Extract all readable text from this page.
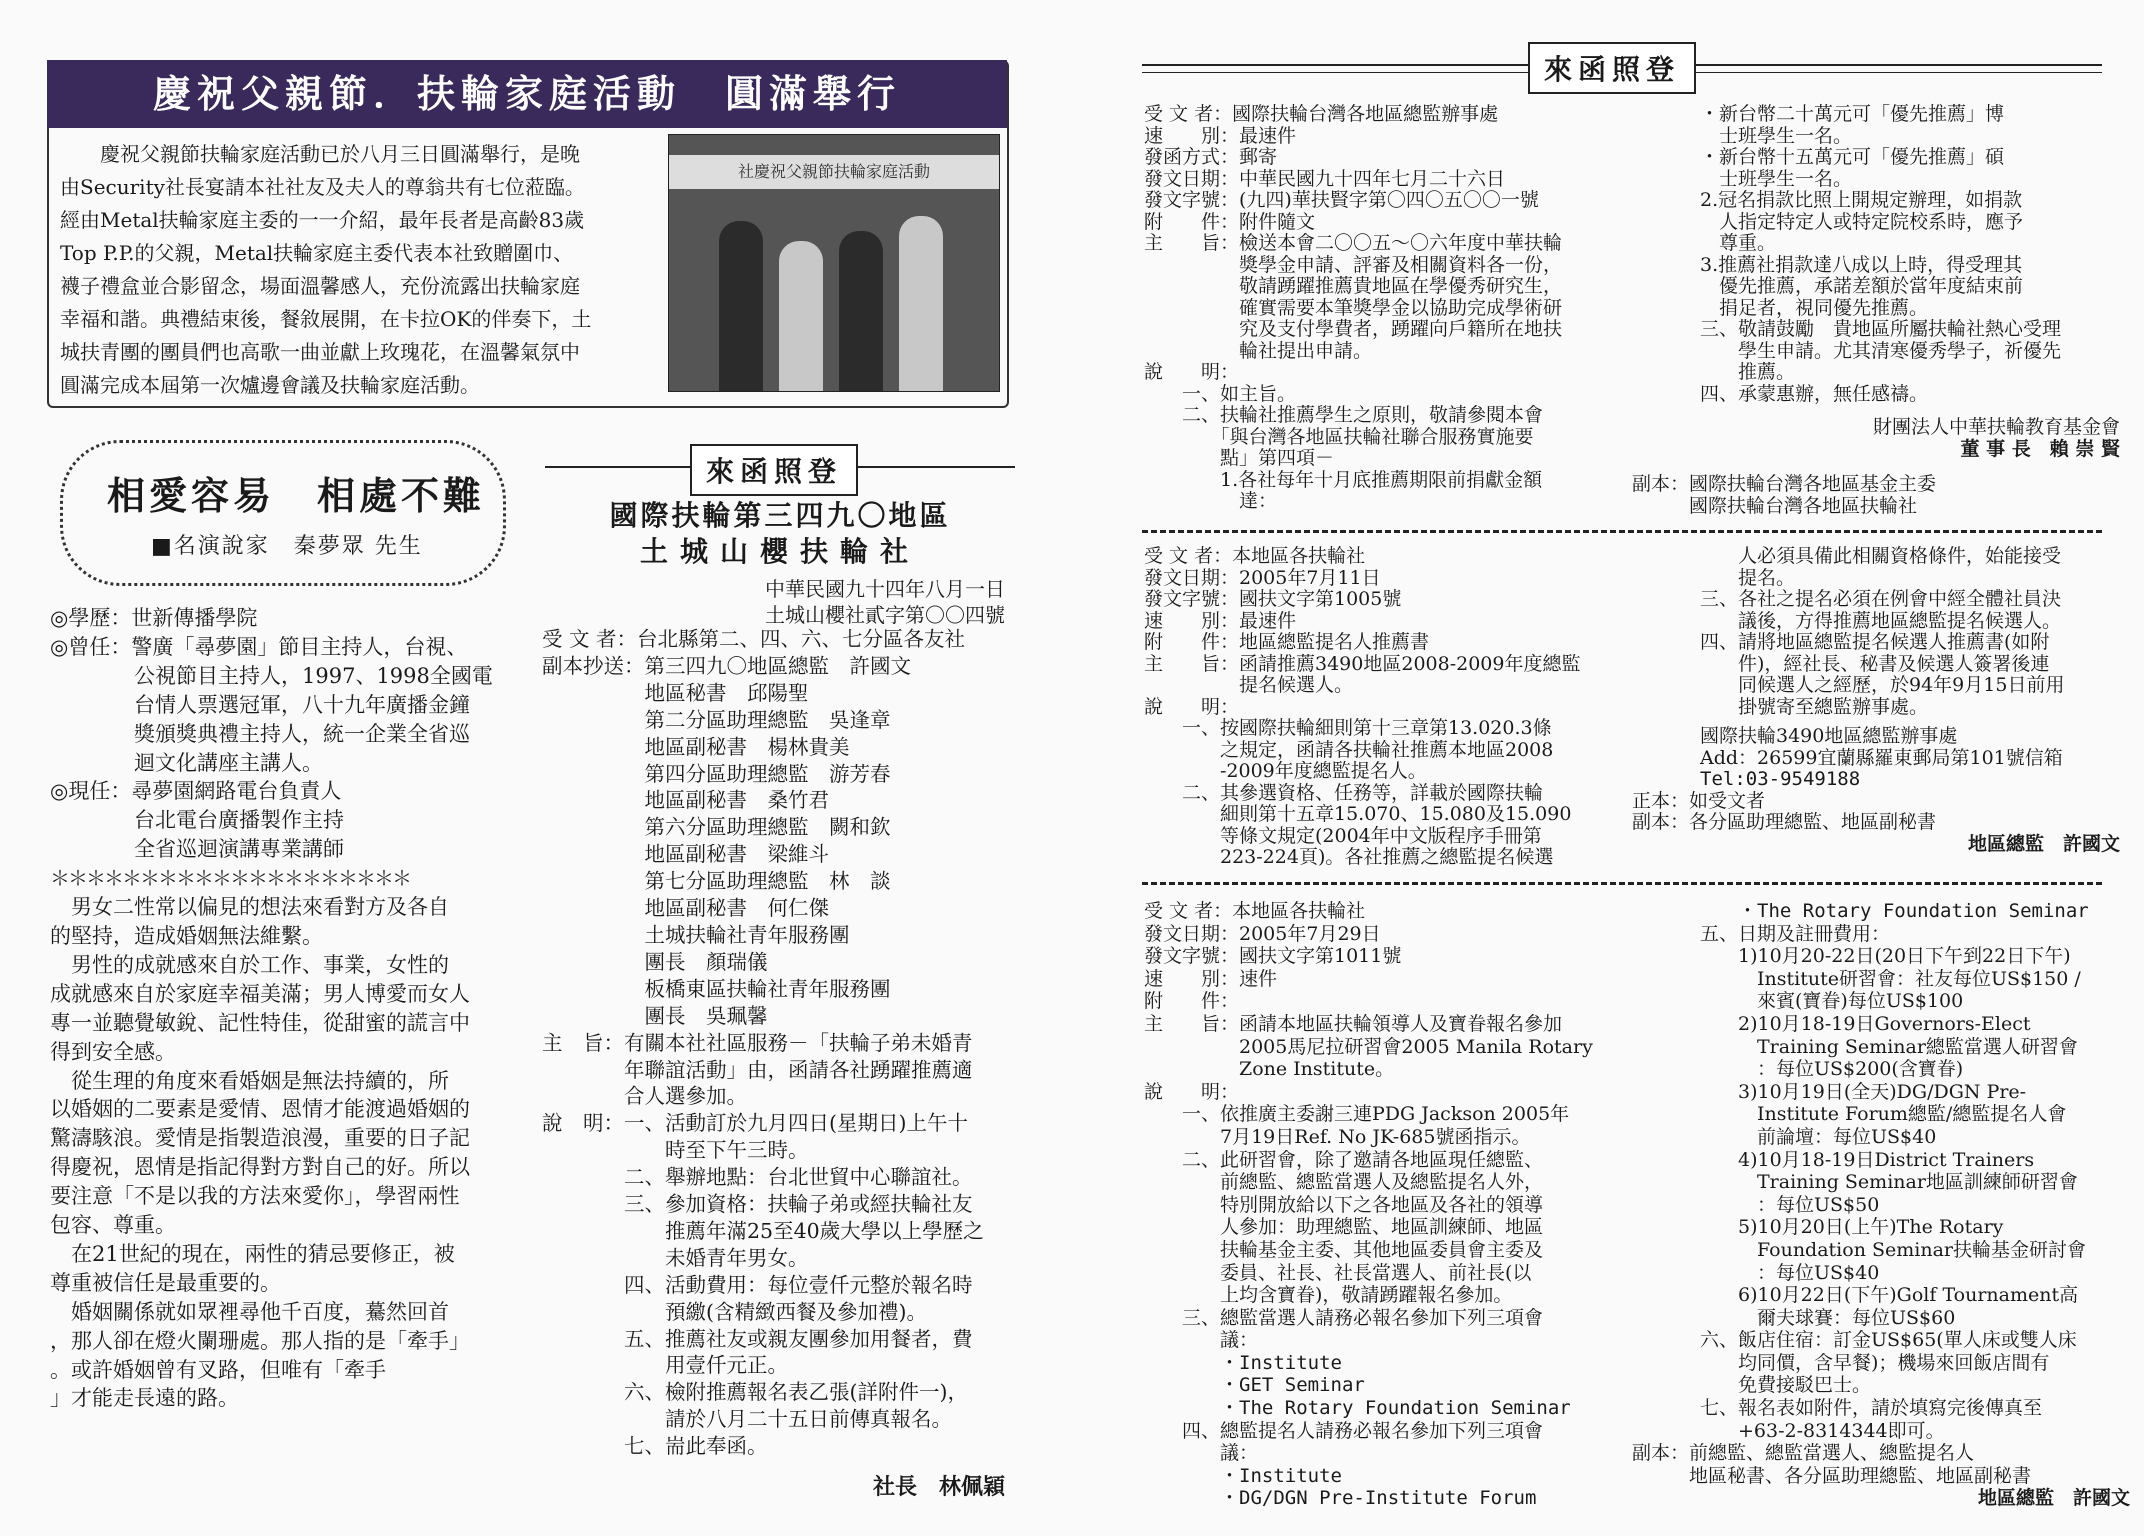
慶祝父親節．扶輪家庭活動　圓滿舉行
慶祝父親節扶輪家庭活動已於八月三日圓滿舉行，是晚
由Security社長宴請本社社友及夫人的尊翁共有七位蒞臨。
經由Metal扶輪家庭主委的一一介紹，最年長者是高齡83歲
Top P.P.的父親，Metal扶輪家庭主委代表本社致贈圍巾、
襪子禮盒並合影留念，場面溫馨感人，充份流露出扶輪家庭
幸福和諧。典禮結束後，餐敘展開，在卡拉OK的伴奏下，土
城扶青團的團員們也高歌一曲並獻上玫瑰花，在溫馨氣氛中
圓滿完成本屆第一次爐邊會議及扶輪家庭活動。
社慶祝父親節扶輪家庭活動
相愛容易　相處不難
■名演說家　秦夢眾 先生
◎學歷：世新傳播學院
◎曾任：警廣「尋夢園」節目主持人，台視、
　　　　公視節目主持人，1997、1998全國電
　　　　台情人票選冠軍，八十九年廣播金鐘
　　　　獎頒獎典禮主持人，統一企業全省巡
　　　　迴文化講座主講人。
◎現任：尋夢園網路電台負責人
　　　　台北電台廣播製作主持
　　　　全省巡迴演講專業講師
＊＊＊＊＊＊＊＊＊＊＊＊＊＊＊＊＊＊＊＊
　男女二性常以偏見的想法來看對方及各自
的堅持，造成婚姻無法維繫。
　男性的成就感來自於工作、事業，女性的
成就感來自於家庭幸福美滿；男人博愛而女人
專一並聽覺敏銳、記性特佳，從甜蜜的謊言中
得到安全感。
　從生理的角度來看婚姻是無法持續的，所
以婚姻的二要素是愛情、恩情才能渡過婚姻的
驚濤駭浪。愛情是指製造浪漫，重要的日子記
得慶祝，恩情是指記得對方對自己的好。所以
要注意「不是以我的方法來愛你」，學習兩性
包容、尊重。
　在21世紀的現在，兩性的猜忌要修正，被
尊重被信任是最重要的。
　婚姻關係就如眾裡尋他千百度，驀然回首
，那人卻在燈火闌珊處。那人指的是「牽手」
。或許婚姻曾有叉路，但唯有「牽手
」才能走長遠的路。
來函照登
國際扶輪第三四九〇地區
土城山櫻扶輪社
中華民國九十四年八月一日
土城山櫻社貳字第〇〇四號
受 文 者：台北縣第二、四、六、七分區各友社
副本抄送：第三四九〇地區總監　許國文
　　　　　地區秘書　邱陽聖
　　　　　第二分區助理總監　吳逢章
　　　　　地區副秘書　楊林貴美
　　　　　第四分區助理總監　游芳春
　　　　　地區副秘書　桑竹君
　　　　　第六分區助理總監　闕和欽
　　　　　地區副秘書　梁維斗
　　　　　第七分區助理總監　林　談
　　　　　地區副秘書　何仁傑
　　　　　土城扶輪社青年服務團
　　　　　團長　顏瑞儀
　　　　　板橋東區扶輪社青年服務團
　　　　　團長　吳珮馨
主　旨：有關本社社區服務－「扶輪子弟未婚青
　　　　年聯誼活動」由，函請各社踴躍推薦適
　　　　合人選參加。
說　明：一、活動訂於九月四日(星期日)上午十
　　　　　　時至下午三時。
　　　　二、舉辦地點：台北世貿中心聯誼社。
　　　　三、參加資格：扶輪子弟或經扶輪社友
　　　　　　推薦年滿25至40歲大學以上學歷之
　　　　　　未婚青年男女。
　　　　四、活動費用：每位壹仟元整於報名時
　　　　　　預繳(含精緻西餐及參加禮)。
　　　　五、推薦社友或親友團參加用餐者，費
　　　　　　用壹仟元正。
　　　　六、檢附推薦報名表乙張(詳附件一)，
　　　　　　請於八月二十五日前傳真報名。
　　　　七、耑此奉函。
社長　林佩穎
來函照登
受 文 者：國際扶輪台灣各地區總監辦事處
速　　別：最速件
發函方式：郵寄
發文日期：中華民國九十四年七月二十六日
發文字號：(九四)華扶賢字第〇四〇五〇〇一號
附　　件：附件隨文
主　　旨：檢送本會二〇〇五～〇六年度中華扶輪
　　　　　獎學金申請、評審及相關資料各一份，
　　　　　敬請踴躍推薦貴地區在學優秀研究生，
　　　　　確實需要本筆獎學金以協助完成學術研
　　　　　究及支付學費者，踴躍向戶籍所在地扶
　　　　　輪社提出申請。
說　　明：
　　一、如主旨。
　　二、扶輪社推薦學生之原則，敬請參閱本會
　　　　「與台灣各地區扶輪社聯合服務實施要
　　　　點」第四項－
　　　　1.各社每年十月底推薦期限前捐獻金額
　　　　　達：
・新台幣二十萬元可「優先推薦」博
　士班學生一名。
・新台幣十五萬元可「優先推薦」碩
　士班學生一名。
2.冠名捐款比照上開規定辦理，如捐款
　人指定特定人或特定院校系時，應予
　尊重。
3.推薦社捐款達八成以上時，得受理其
　優先推薦，承諾差額於當年度結束前
　捐足者，視同優先推薦。
三、敬請鼓勵　貴地區所屬扶輪社熱心受理
　　學生申請。尤其清寒優秀學子，祈優先
　　推薦。
四、承蒙惠辦，無任感禱。
財團法人中華扶輪教育基金會
董 事 長　賴 崇 賢
副本：國際扶輪台灣各地區基金主委
　　　國際扶輪台灣各地區扶輪社
受 文 者：本地區各扶輪社
發文日期：2005年7月11日
發文字號：國扶文字第1005號
速　　別：最速件
附　　件：地區總監提名人推薦書
主　　旨：函請推薦3490地區2008-2009年度總監
　　　　　提名候選人。
說　　明：
　　一、按國際扶輪細則第十三章第13.020.3條
　　　　之規定，函請各扶輪社推薦本地區2008
　　　　-2009年度總監提名人。
　　二、其參選資格、任務等，詳載於國際扶輪
　　　　細則第十五章15.070、15.080及15.090
　　　　等條文規定(2004年中文版程序手冊第
　　　　223-224頁)。各社推薦之總監提名候選
　　人必須具備此相關資格條件，始能接受
　　提名。
三、各社之提名必須在例會中經全體社員決
　　議後，方得推薦地區總監提名候選人。
四、請將地區總監提名候選人推薦書(如附
　　件)，經社長、秘書及候選人簽署後連
　　同候選人之經歷，於94年9月15日前用
　　掛號寄至總監辦事處。
國際扶輪3490地區總監辦事處
Add：26599宜蘭縣羅東郵局第101號信箱
Tel:03-9549188
正本：如受文者
副本：各分區助理總監、地區副秘書
地區總監　許國文
受 文 者：本地區各扶輪社
發文日期：2005年7月29日
發文字號：國扶文字第1011號
速　　別：速件
附　　件：
主　　旨：函請本地區扶輪領導人及寶眷報名參加
　　　　　2005馬尼拉研習會2005 Manila Rotary
　　　　　Zone Institute。
說　　明：
　　一、依推廣主委謝三連PDG Jackson 2005年
　　　　7月19日Ref. No JK-685號函指示。
　　二、此研習會，除了邀請各地區現任總監、
　　　　前總監、總監當選人及總監提名人外，
　　　　特別開放給以下之各地區及各社的領導
　　　　人參加：助理總監、地區訓練師、地區
　　　　扶輪基金主委、其他地區委員會主委及
　　　　委員、社長、社長當選人、前社長(以
　　　　上均含寶眷)，敬請踴躍報名參加。
　　三、總監當選人請務必報名參加下列三項會
　　　　議：
　　　　・Institute
　　　　・GET Seminar
　　　　・The Rotary Foundation Seminar
　　四、總監提名人請務必報名參加下列三項會
　　　　議：
　　　　・Institute
　　　　・DG/DGN Pre-Institute Forum
　　・The Rotary Foundation Seminar
五、日期及註冊費用：
　　1)10月20-22日(20日下午到22日下午)
　　　Institute研習會：社友每位US$150 /
　　　來賓(寶眷)每位US$100
　　2)10月18-19日Governors-Elect
　　　Training Seminar總監當選人研習會
　　　：每位US$200(含寶眷)
　　3)10月19日(全天)DG/DGN Pre-
　　　Institute Forum總監/總監提名人會
　　　前論壇：每位US$40
　　4)10月18-19日District Trainers
　　　Training Seminar地區訓練師研習會
　　　：每位US$50
　　5)10月20日(上午)The Rotary
　　　Foundation Seminar扶輪基金研討會
　　　：每位US$40
　　6)10月22日(下午)Golf Tournament高
　　　爾夫球賽：每位US$60
六、飯店住宿：訂金US$65(單人床或雙人床
　　均同價，含早餐)；機場來回飯店間有
　　免費接駁巴士。
七、報名表如附件，請於填寫完後傳真至
　　+63-2-8314344即可。
副本：前總監、總監當選人、總監提名人
　　　地區秘書、各分區助理總監、地區副秘書
地區總監　許國文
